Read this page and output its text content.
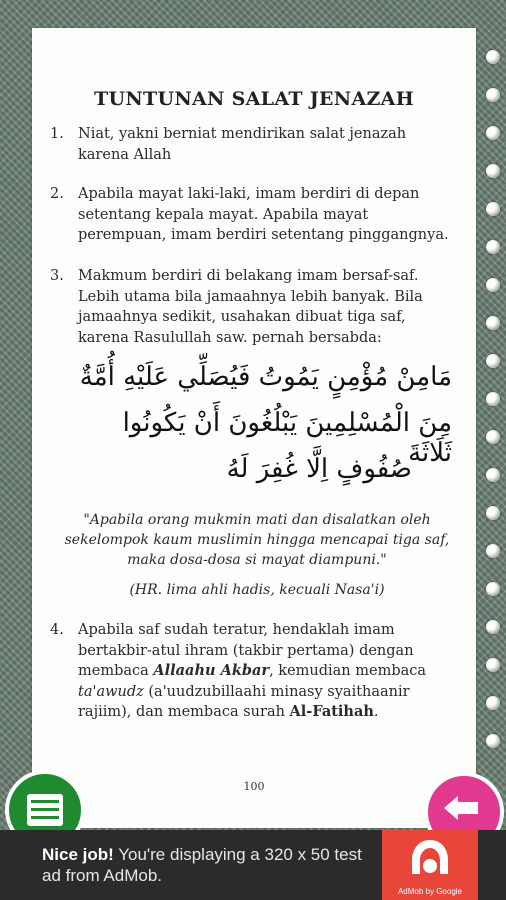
TUNTUNAN SALAT JENAZAH
1. Niat, yakni berniat mendirikan salat jenazah karena Allah
2. Apabila mayat laki-laki, imam berdiri di depan setentang kepala mayat. Apabila mayat perempuan, imam berdiri setentang pinggangnya.
3. Makmum berdiri di belakang imam bersaf-saf. Lebih utama bila jamaahnya lebih banyak. Bila jamaahnya sedikit, usahakan dibuat tiga saf, karena Rasulullah saw. pernah bersabda:
مَامِنْ مُؤْمِنٍ يَمُوتُ فَيُصَلِّي عَلَيْهِ أُمَّةٌ
مِنَ الْمُسْلِمِينَ يَبْلُغُونَ أَنْ يَكُونُوا ثَلَاثَةَ
صُفُوفٍ اِلَّا غُفِرَ لَهُ
"Apabila orang mukmin mati dan disalatkan oleh sekelompok kaum muslimin hingga mencapai tiga saf, maka dosa-dosa si mayat diampuni."
(HR. lima ahli hadis, kecuali Nasa'i)
4. Apabila saf sudah teratur, hendaklah imam bertakbir-atul ihram (takbir pertama) dengan membaca Allaahu Akbar, kemudian membaca ta'awudz (a'uudzubillaahi minasy syaithaanir rajiim), dan membaca surah Al-Fatihah.
100
Nice job! You're displaying a 320 x 50 test ad from AdMob.
AdMob by Google
